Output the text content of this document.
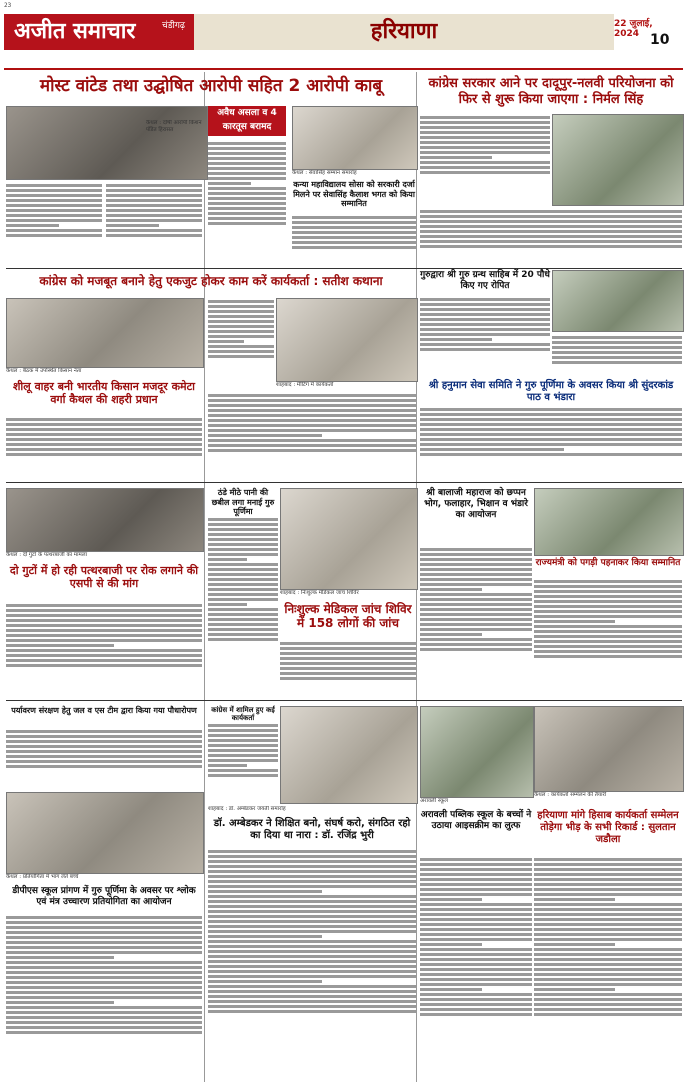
23
अजीत समाचार	चंडीगढ़	हरियाणा	22 जुलाई, 2024 10
मोस्ट वांटेड तथा उद्घोषित आरोपी सहित 2 आरोपी काबू
अवैध असला व 4 कारतूस बरामद
कैथल : दोषी आरोपी किशन पंडित हिरासत
कैथल : सेवासिंह सम्मान समारोह
कन्या महाविद्यालय सोसा को सरकारी दर्जा मिलने पर सेवासिंह कैलाश भगत को किया सम्मानित
कांग्रेस सरकार आने पर दादूपुर-नलवी परियोजना को फिर से शुरू किया जाएगा : निर्मल सिंह
कांग्रेस को मजबूत बनाने हेतु एकजुट होकर काम करें कार्यकर्ता : सतीश कथाना
कैथल : बैठक में उपस्थित किसान नेता
शीलू वाहर बनी भारतीय किसान मजदूर कमेटा वर्गा कैथल की शहरी प्रधान
शाहबाद : मीटिंग में कार्यकर्ता
गुरुद्वारा श्री गुरु ग्रन्थ साहिब में 20 पौधे किए गए रोपित
श्री हनुमान सेवा समिति ने गुरु पूर्णिमा के अवसर किया श्री सुंदरकांड पाठ व भंडारा
कैथल : दो गुटों के पत्थरबाजी का मामला
दो गुटों में हो रही पत्थरबाजी पर रोक लगाने की एसपी से की मांग
ठंडे मीठे पानी की छबील लगा मनाई गुरु पूर्णिमा
शाहबाद : निःशुल्क मेडिकल जांच शिविर
निःशुल्क मेडिकल जांच शिविर में 158 लोगों की जांच
श्री बालाजी महाराज को छप्पन भोग, फलाहार, भिक्षान व भंडारे का आयोजन
राज्यमंत्री को पगड़ी पहनाकर किया सम्मानित
पर्यावरण संरक्षण हेतु जल व एस टीम द्वारा किया गया पौधारोपण
कैथल : प्रतियोगिता में भाग लेते बच्चे
डीपीएस स्कूल प्रांगण में गुरु पूर्णिमा के अवसर पर श्लोक एवं मंत्र उच्चारण प्रतियोगिता का आयोजन
कांग्रेस में शामिल हुए कई कार्यकर्ता
शाहबाद : डॉ. अम्बेडकर जयंती समारोह
डॉ. अम्बेडकर ने शिक्षित बनो, संघर्ष करो, संगठित रहो का दिया था नारा : डॉ. रजिंद्र भुरी
अरावली स्कूल
अरावली पब्लिक स्कूल के बच्चों ने उठाया आइसक्रीम का लुत्फ
कैथल : कार्यकर्ता सम्मेलन की तैयारी
हरियाणा मांगे हिसाब कार्यकर्ता सम्मेलन तोड़ेगा भीड़ के सभी रिकार्ड : सुलतान जडौला
